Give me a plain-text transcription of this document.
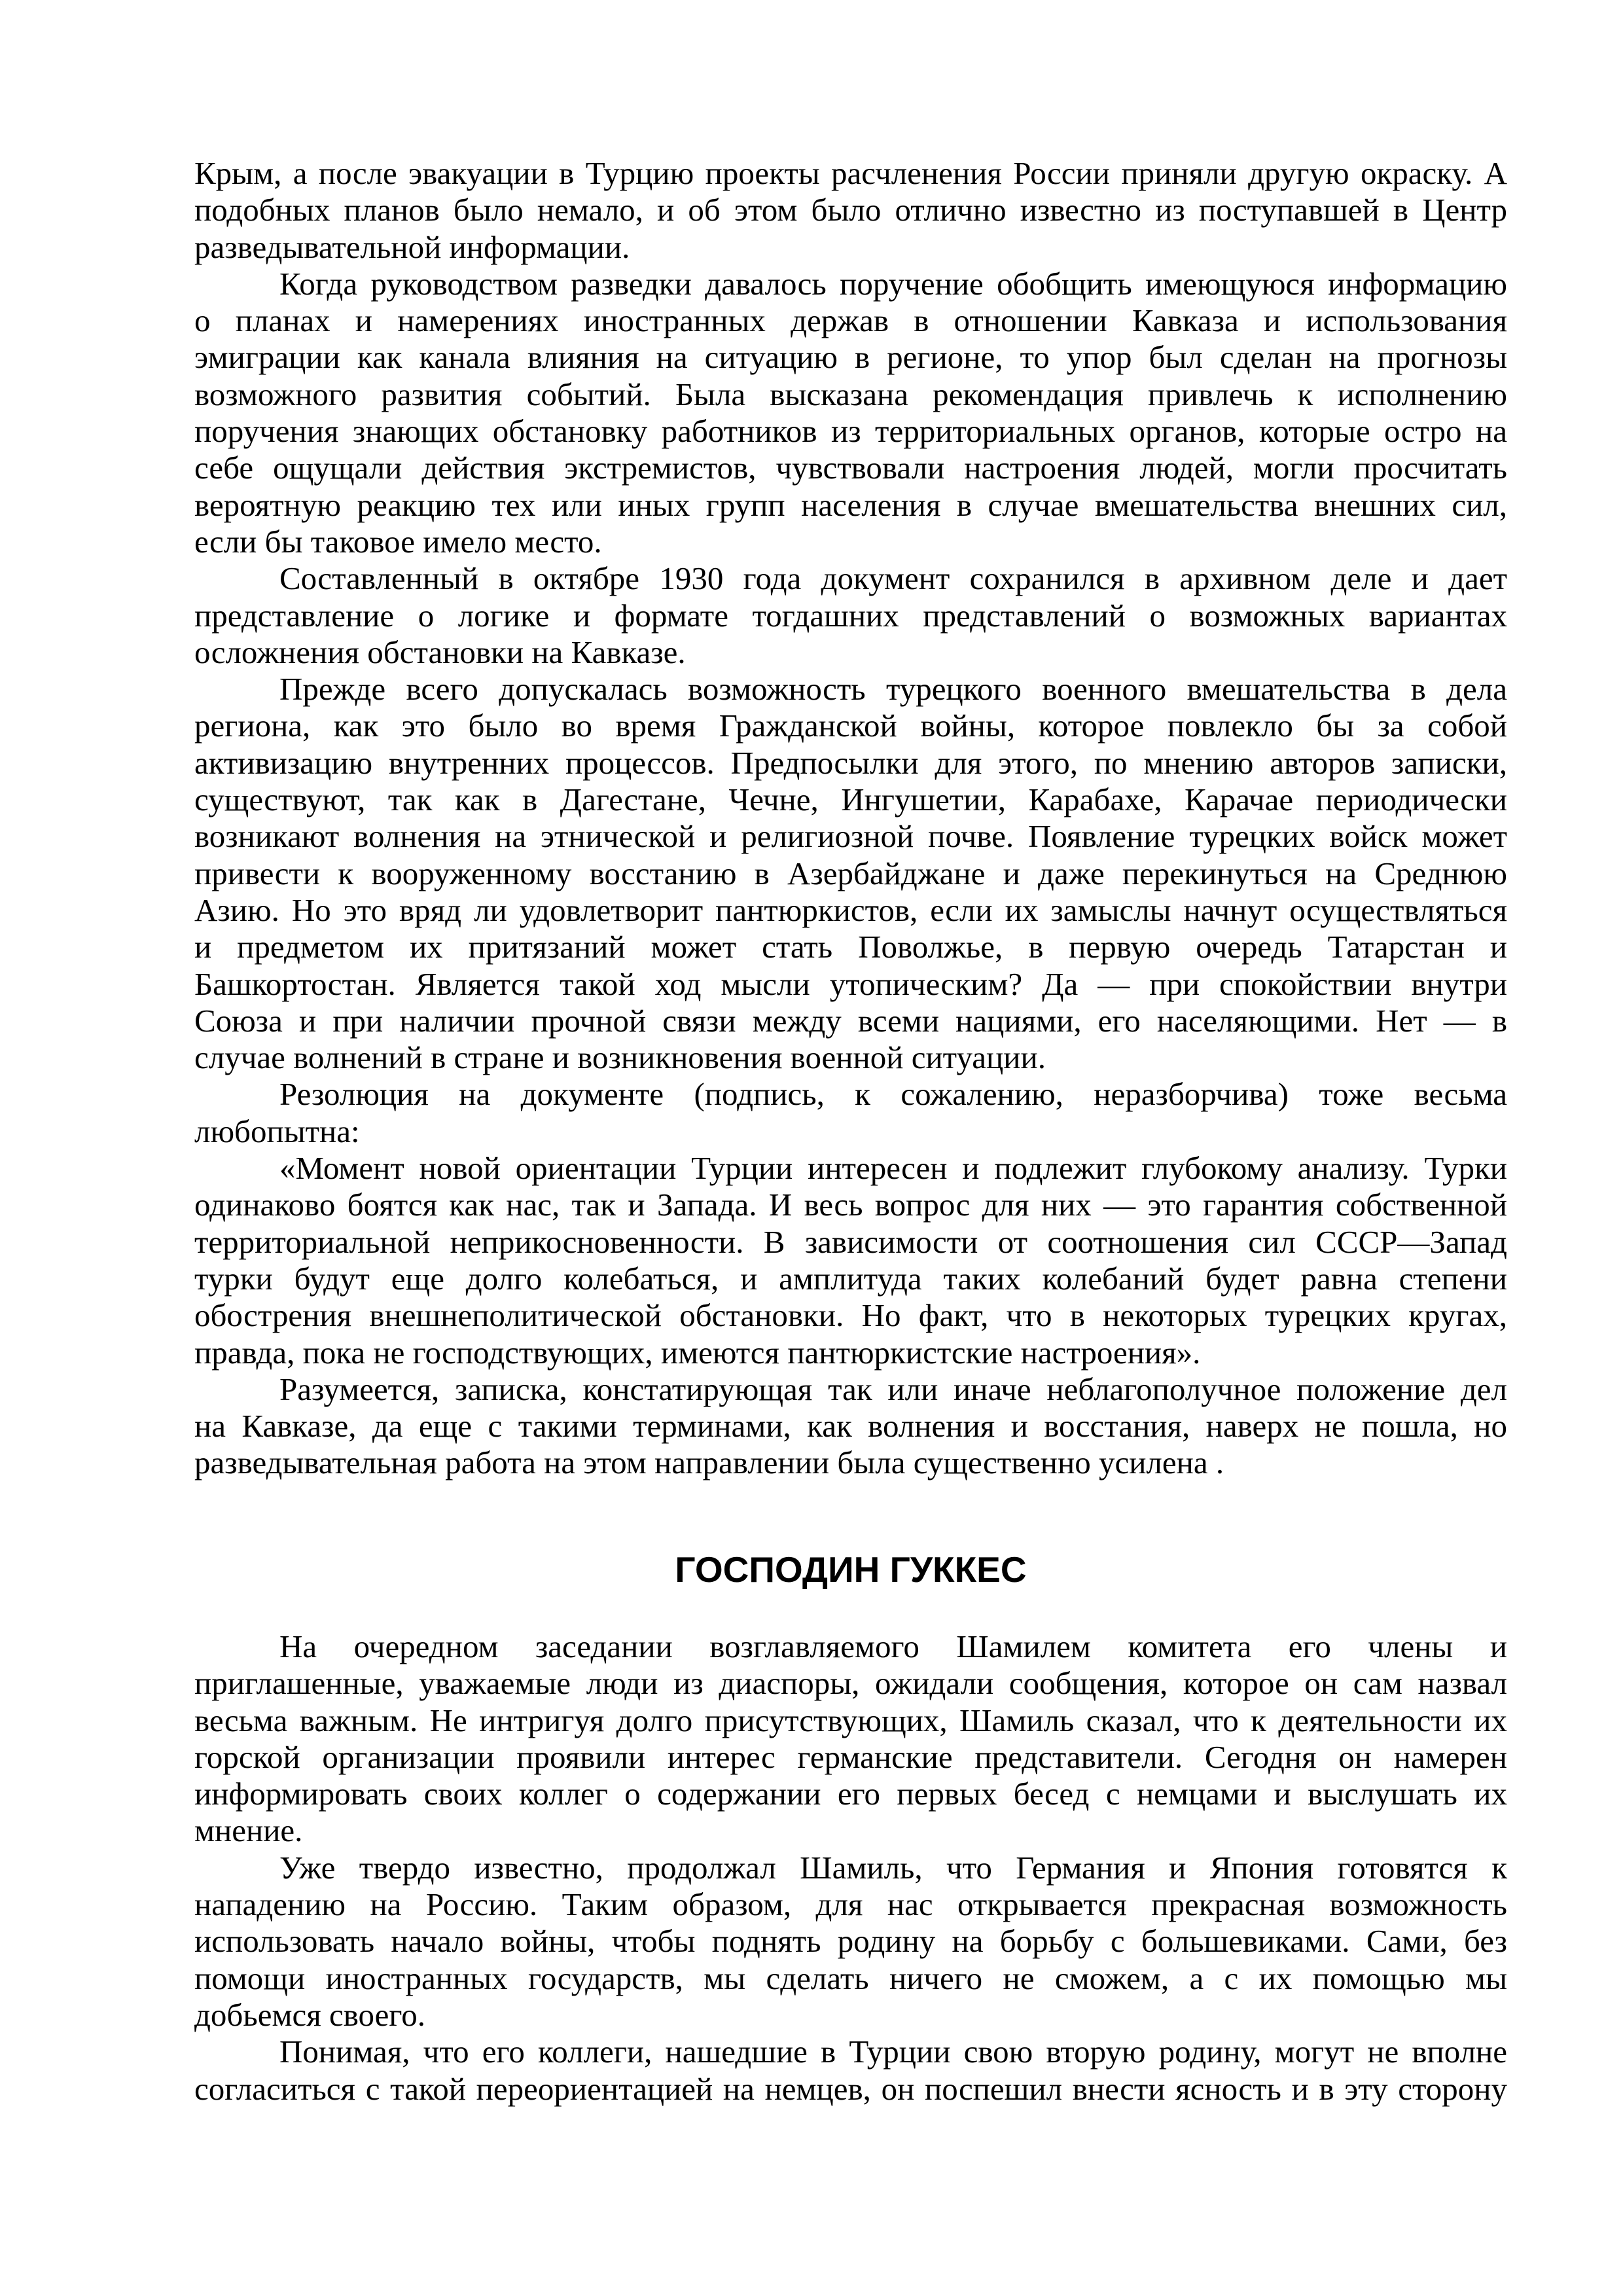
Крым, а после эвакуации в Турцию проекты расчленения России приняли другую окраску. А
подобных планов было немало, и об этом было отлично известно из поступавшей в Центр
разведывательной информации.
Когда руководством разведки давалось поручение обобщить имеющуюся информацию
о планах и намерениях иностранных держав в отношении Кавказа и использования
эмиграции как канала влияния на ситуацию в регионе, то упор был сделан на прогнозы
возможного развития событий. Была высказана рекомендация привлечь к исполнению
поручения знающих обстановку работников из территориальных органов, которые остро на
себе ощущали действия экстремистов, чувствовали настроения людей, могли просчитать
вероятную реакцию тех или иных групп населения в случае вмешательства внешних сил,
если бы таковое имело место.
Составленный в октябре 1930 года документ сохранился в архивном деле и дает
представление о логике и формате тогдашних представлений о возможных вариантах
осложнения обстановки на Кавказе.
Прежде всего допускалась возможность турецкого военного вмешательства в дела
региона, как это было во время Гражданской войны, которое повлекло бы за собой
активизацию внутренних процессов. Предпосылки для этого, по мнению авторов записки,
существуют, так как в Дагестане, Чечне, Ингушетии, Карабахе, Карачае периодически
возникают волнения на этнической и религиозной почве. Появление турецких войск может
привести к вооруженному восстанию в Азербайджане и даже перекинуться на Среднюю
Азию. Но это вряд ли удовлетворит пантюркистов, если их замыслы начнут осуществляться
и предметом их притязаний может стать Поволжье, в первую очередь Татарстан и
Башкортостан. Является такой ход мысли утопическим? Да — при спокойствии внутри
Союза и при наличии прочной связи между всеми нациями, его населяющими. Нет — в
случае волнений в стране и возникновения военной ситуации.
Резолюция на документе (подпись, к сожалению, неразборчива) тоже весьма
любопытна:
«Момент новой ориентации Турции интересен и подлежит глубокому анализу. Турки
одинаково боятся как нас, так и Запада. И весь вопрос для них — это гарантия собственной
территориальной неприкосновенности. В зависимости от соотношения сил СССР—Запад
турки будут еще долго колебаться, и амплитуда таких колебаний будет равна степени
обострения внешнеполитической обстановки. Но факт, что в некоторых турецких кругах,
правда, пока не господствующих, имеются пантюркистские настроения».
Разумеется, записка, констатирующая так или иначе неблагополучное положение дел
на Кавказе, да еще с такими терминами, как волнения и восстания, наверх не пошла, но
разведывательная работа на этом направлении была существенно усилена .
ГОСПОДИН ГУККЕС
На очередном заседании возглавляемого Шамилем комитета его члены и
приглашенные, уважаемые люди из диаспоры, ожидали сообщения, которое он сам назвал
весьма важным. Не интригуя долго присутствующих, Шамиль сказал, что к деятельности их
горской организации проявили интерес германские представители. Сегодня он намерен
информировать своих коллег о содержании его первых бесед с немцами и выслушать их
мнение.
Уже твердо известно, продолжал Шамиль, что Германия и Япония готовятся к
нападению на Россию. Таким образом, для нас открывается прекрасная возможность
использовать начало войны, чтобы поднять родину на борьбу с большевиками. Сами, без
помощи иностранных государств, мы сделать ничего не сможем, а с их помощью мы
добьемся своего.
Понимая, что его коллеги, нашедшие в Турции свою вторую родину, могут не вполне
согласиться с такой переориентацией на немцев, он поспешил внести ясность и в эту сторону
